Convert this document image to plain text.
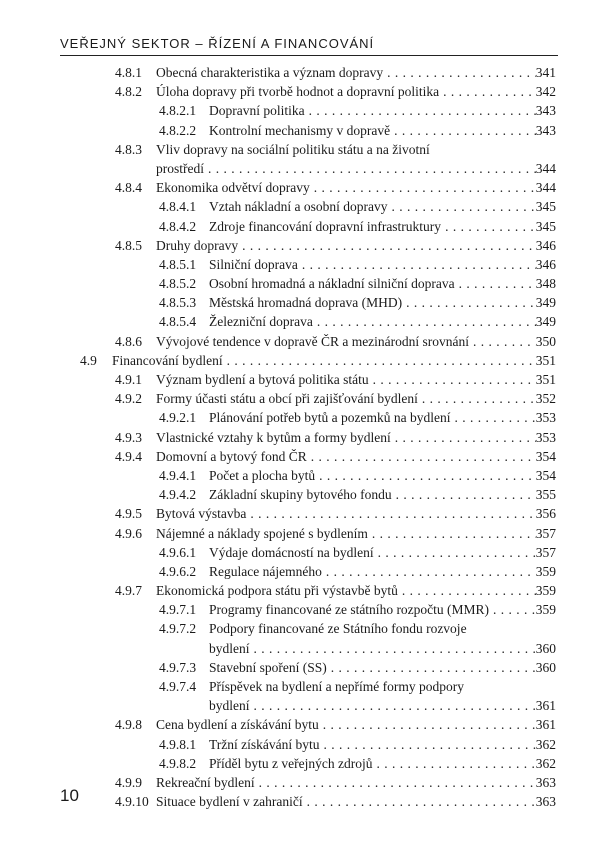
VEŘEJNÝ SEKTOR – ŘÍZENÍ A FINANCOVÁNÍ
4.8.1 Obecná charakteristika a význam dopravy . . .	341
4.8.2 Úloha dopravy při tvorbě hodnot a dopravní politika . . .	342
4.8.2.1 Dopravní politika . . .	343
4.8.2.2 Kontrolní mechanismy v dopravě . . .	343
4.8.3 Vliv dopravy na sociální politiku státu a na životní
prostředí . . .	344
4.8.4 Ekonomika odvětví dopravy . . .	344
4.8.4.1 Vztah nákladní a osobní dopravy . . .	345
4.8.4.2 Zdroje financování dopravní infrastruktury . . .	345
4.8.5 Druhy dopravy . . .	346
4.8.5.1 Silniční doprava . . .	346
4.8.5.2 Osobní hromadná a nákladní silniční doprava . . .	348
4.8.5.3 Městská hromadná doprava (MHD) . . .	349
4.8.5.4 Železniční doprava . . .	349
4.8.6 Vývojové tendence v dopravě ČR a mezinárodní srovnání . . .	350
4.9 Financování bydlení . . .	351
4.9.1 Význam bydlení a bytová politika státu . . .	351
4.9.2 Formy účasti státu a obcí při zajišťování bydlení . . .	352
4.9.2.1 Plánování potřeb bytů a pozemků na bydlení . . .	353
4.9.3 Vlastnické vztahy k bytům a formy bydlení . . .	353
4.9.4 Domovní a bytový fond ČR . . .	354
4.9.4.1 Počet a plocha bytů . . .	354
4.9.4.2 Základní skupiny bytového fondu . . .	355
4.9.5 Bytová výstavba . . .	356
4.9.6 Nájemné a náklady spojené s bydlením . . .	357
4.9.6.1 Výdaje domácností na bydlení . . .	357
4.9.6.2 Regulace nájemného . . .	359
4.9.7 Ekonomická podpora státu při výstavbě bytů . . .	359
4.9.7.1 Programy financované ze státního rozpočtu (MMR) . . .	359
4.9.7.2 Podpory financované ze Státního fondu rozvoje
bydlení . . .	360
4.9.7.3 Stavební spoření (SS) . . .	360
4.9.7.4 Příspěvek na bydlení a nepřímé formy podpory
bydlení . . .	361
4.9.8 Cena bydlení a získávání bytu . . .	361
4.9.8.1 Tržní získávání bytu . . .	362
4.9.8.2 Příděl bytu z veřejných zdrojů . . .	362
4.9.9 Rekreační bydlení . . .	363
4.9.10 Situace bydlení v zahraničí . . .	363
10
